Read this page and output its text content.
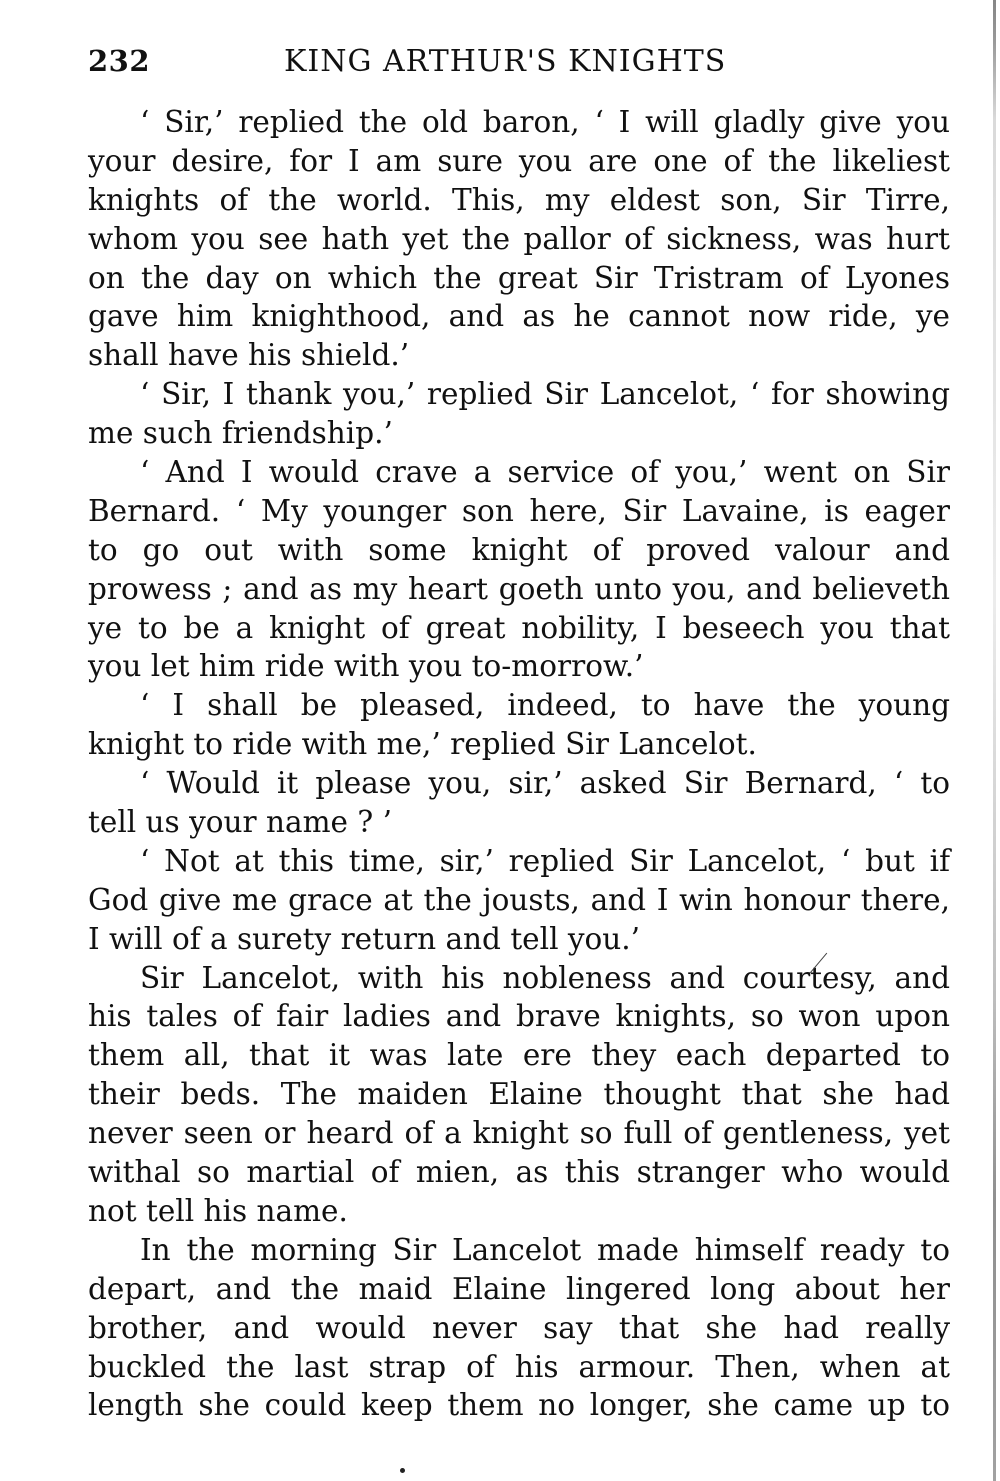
232	KING ARTHUR'S KNIGHTS
‘ Sir,’ replied the old baron, ‘ I will gladly give you
your desire, for I am sure you are one of the likeliest
knights of the world. This, my eldest son, Sir Tirre,
whom you see hath yet the pallor of sickness, was hurt
on the day on which the great Sir Tristram of Lyones
gave him knighthood, and as he cannot now ride, ye
shall have his shield.’
‘ Sir, I thank you,’ replied Sir Lancelot, ‘ for showing
me such friendship.’
‘ And I would crave a service of you,’ went on Sir
Bernard. ‘ My younger son here, Sir Lavaine, is eager
to go out with some knight of proved valour and
prowess ; and as my heart goeth unto you, and believeth
ye to be a knight of great nobility, I beseech you that
you let him ride with you to-morrow.’
‘ I shall be pleased, indeed, to have the young
knight to ride with me,’ replied Sir Lancelot.
‘ Would it please you, sir,’ asked Sir Bernard, ‘ to
tell us your name ? ’
‘ Not at this time, sir,’ replied Sir Lancelot, ‘ but if
God give me grace at the jousts, and I win honour there,
I will of a surety return and tell you.’
Sir Lancelot, with his nobleness and courtesy, and
his tales of fair ladies and brave knights, so won upon
them all, that it was late ere they each departed to
their beds. The maiden Elaine thought that she had
never seen or heard of a knight so full of gentleness, yet
withal so martial of mien, as this stranger who would
not tell his name.
In the morning Sir Lancelot made himself ready to
depart, and the maid Elaine lingered long about her
brother, and would never say that she had really
buckled the last strap of his armour. Then, when at
length she could keep them no longer, she came up to
